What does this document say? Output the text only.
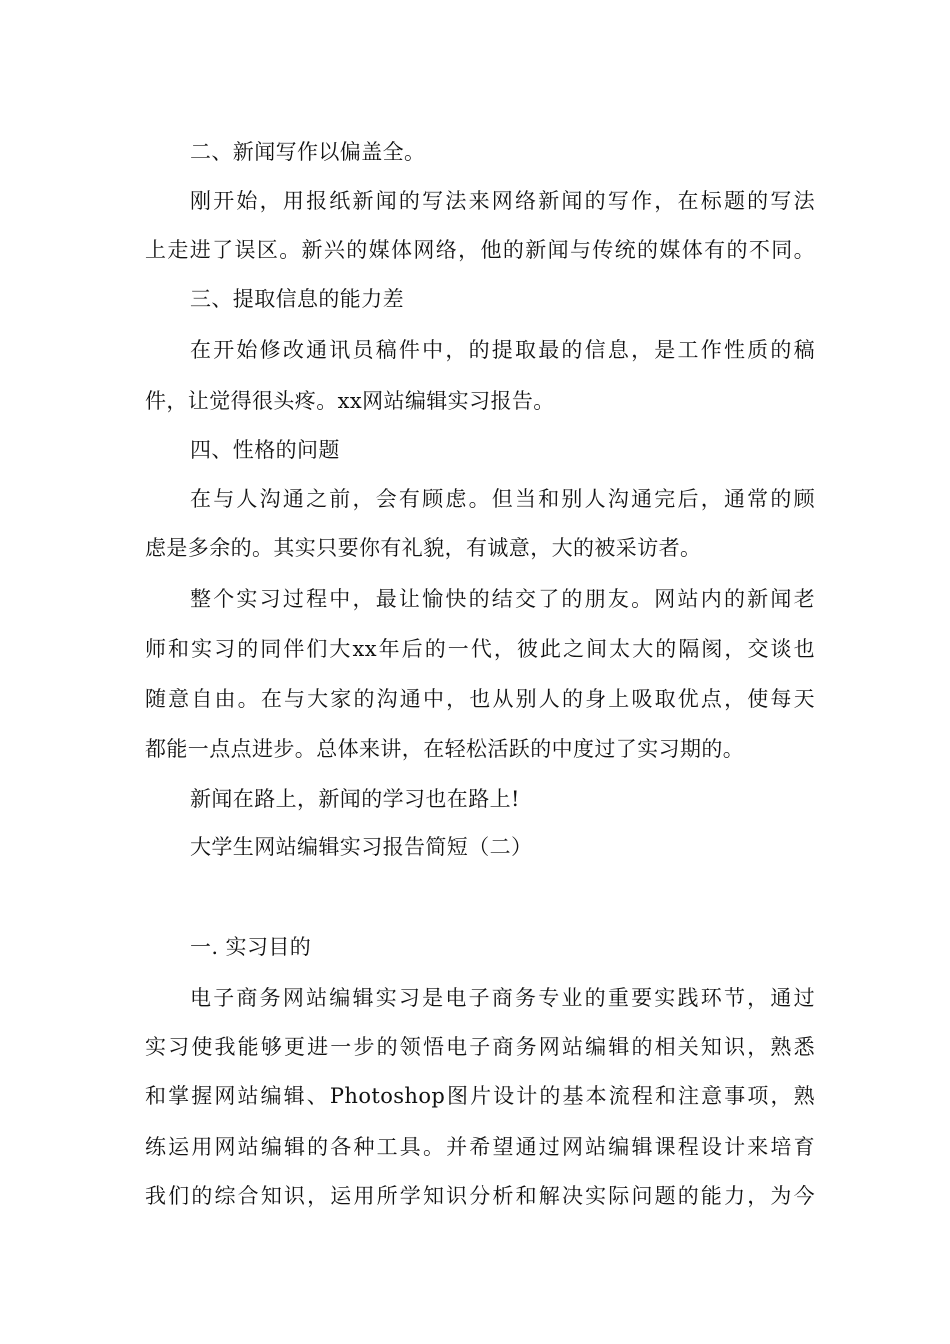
二、新闻写作以偏盖全。

刚开始，用报纸新闻的写法来网络新闻的写作，在标题的写法

上走进了误区。新兴的媒体网络，他的新闻与传统的媒体有的不同。

三、提取信息的能力差

在开始修改通讯员稿件中，的提取最的信息，是工作性质的稿

件，让觉得很头疼。xx网站编辑实习报告。

四、性格的问题

在与人沟通之前，会有顾虑。但当和别人沟通完后，通常的顾

虑是多余的。其实只要你有礼貌，有诚意，大的被采访者。

整个实习过程中，最让愉快的结交了的朋友。网站内的新闻老

师和实习的同伴们大xx年后的一代，彼此之间太大的隔阂，交谈也

随意自由。在与大家的沟通中，也从别人的身上吸取优点，使每天

都能一点点进步。总体来讲，在轻松活跃的中度过了实习期的。

新闻在路上，新闻的学习也在路上!

大学生网站编辑实习报告简短（二）

一. 实习目的

电子商务网站编辑实习是电子商务专业的重要实践环节，通过

实习使我能够更进一步的领悟电子商务网站编辑的相关知识，熟悉

和掌握网站编辑、Photoshop图片设计的基本流程和注意事项，熟

练运用网站编辑的各种工具。并希望通过网站编辑课程设计来培育

我们的综合知识，运用所学知识分析和解决实际问题的能力，为今
